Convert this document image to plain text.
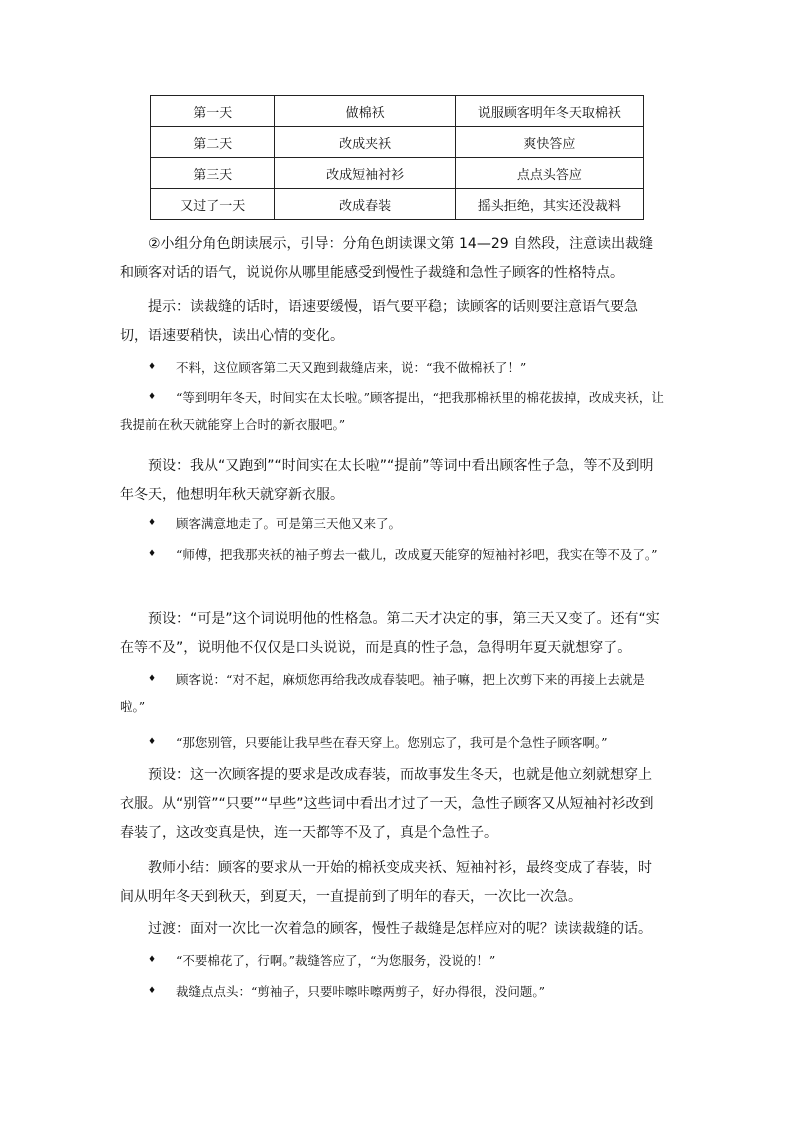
第一天	做棉袄	说服顾客明年冬天取棉袄
第二天	改成夹袄	爽快答应
第三天	改成短袖衬衫	点点头答应
又过了一天	改成春装	摇头拒绝，其实还没裁料

②小组分角色朗读展示，引导：分角色朗读课文第 14—29 自然段，注意读出裁缝和顾客对话的语气，说说你从哪里能感受到慢性子裁缝和急性子顾客的性格特点。

提示：读裁缝的话时，语速要缓慢，语气要平稳；读顾客的话则要注意语气要急切，语速要稍快，读出心情的变化。

♦	不料，这位顾客第二天又跑到裁缝店来，说：“我不做棉袄了！”
♦	“等到明年冬天，时间实在太长啦。”顾客提出，“把我那棉袄里的棉花拔掉，改成夹袄，让我提前在秋天就能穿上合时的新衣服吧。”

预设：我从“又跑到”“时间实在太长啦”“提前”等词中看出顾客性子急，等不及到明年冬天，他想明年秋天就穿新衣服。

♦	顾客满意地走了。可是第三天他又来了。
♦	“师傅，把我那夹袄的袖子剪去一截儿，改成夏天能穿的短袖衬衫吧，我实在等不及了。”

预设：“可是”这个词说明他的性格急。第二天才决定的事，第三天又变了。还有“实在等不及”，说明他不仅仅是口头说说，而是真的性子急，急得明年夏天就想穿了。

♦	顾客说：“对不起，麻烦您再给我改成春装吧。袖子嘛，把上次剪下来的再接上去就是啦。”
♦	“那您别管，只要能让我早些在春天穿上。您别忘了，我可是个急性子顾客啊。”

预设：这一次顾客提的要求是改成春装，而故事发生冬天，也就是他立刻就想穿上衣服。从“别管”“只要”“早些”这些词中看出才过了一天，急性子顾客又从短袖衬衫改到春装了，这改变真是快，连一天都等不及了，真是个急性子。

教师小结：顾客的要求从一开始的棉袄变成夹袄、短袖衬衫，最终变成了春装，时间从明年冬天到秋天，到夏天，一直提前到了明年的春天，一次比一次急。

过渡：面对一次比一次着急的顾客，慢性子裁缝是怎样应对的呢？读读裁缝的话。

♦	“不要棉花了，行啊。”裁缝答应了，“为您服务，没说的！”
♦	裁缝点点头：“剪袖子，只要咔嚓咔嚓两剪子，好办得很，没问题。”
